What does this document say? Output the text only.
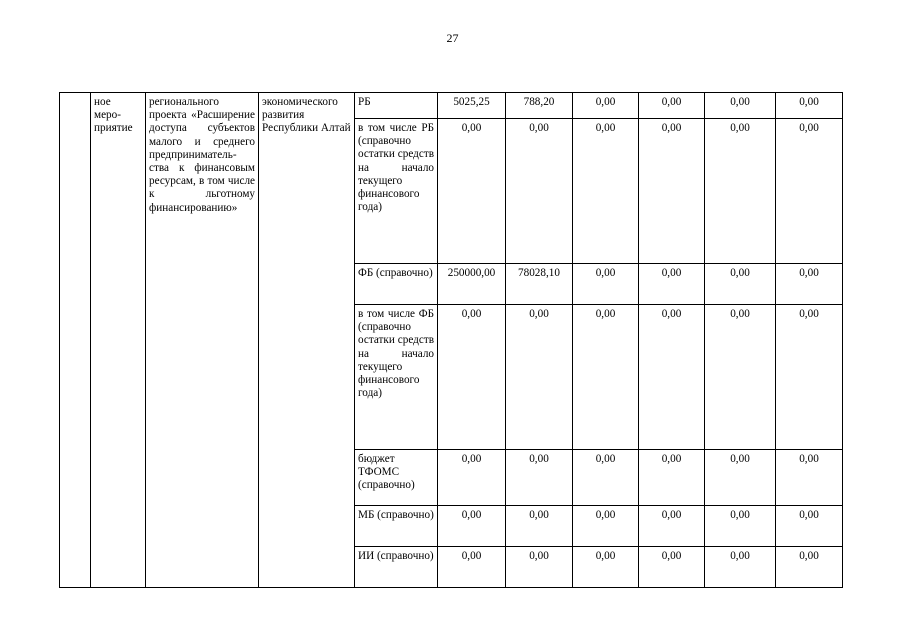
27
	ное
меро-
приятие	регионального проекта «Расширение доступа субъектов малого и среднего предприниматель-ства к финансовым ресурсам, в том числе к льготному финансированию»	экономического развития Республики Алтай	РБ	5025,25	788,20	0,00	0,00	0,00	0,00
				в том числе РБ (справочно остатки средств на начало текущего финансового года)	0,00	0,00	0,00	0,00	0,00	0,00
				ФБ (справочно)	250000,00	78028,10	0,00	0,00	0,00	0,00
				в том числе ФБ (справочно остатки средств на начало текущего финансового года)	0,00	0,00	0,00	0,00	0,00	0,00
				бюджет ТФОМС (справочно)	0,00	0,00	0,00	0,00	0,00	0,00
				МБ (справочно)	0,00	0,00	0,00	0,00	0,00	0,00
				ИИ (справочно)	0,00	0,00	0,00	0,00	0,00	0,00
